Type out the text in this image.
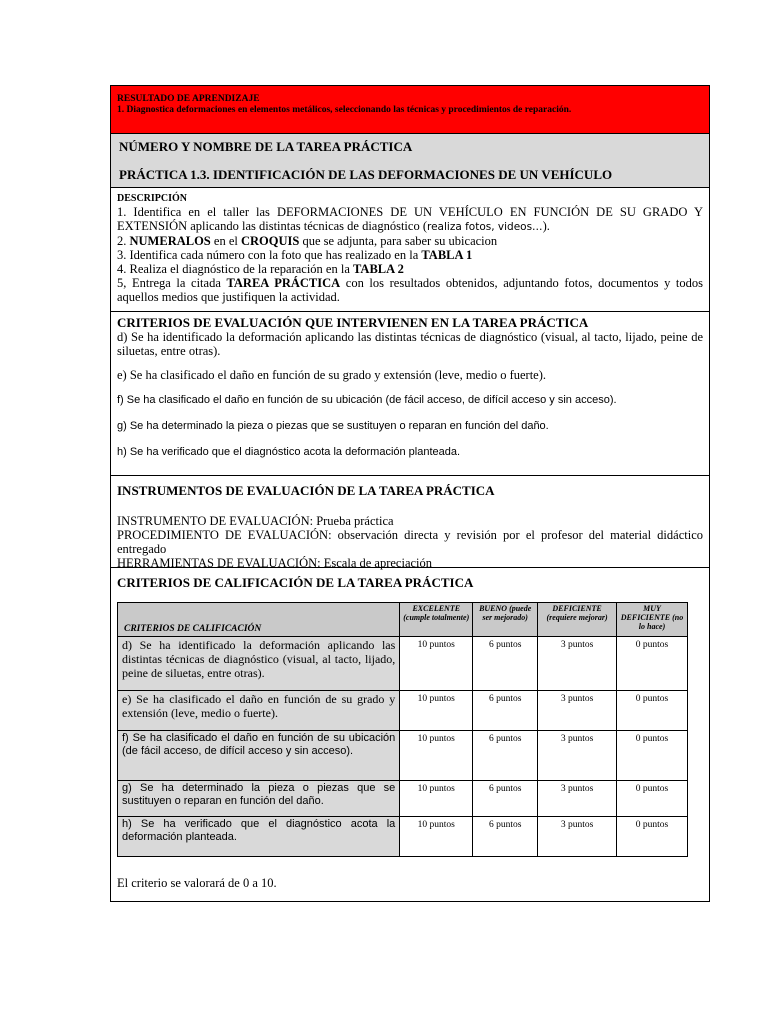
RESULTADO DE APRENDIZAJE
1. Diagnostica deformaciones en elementos metálicos, seleccionando las técnicas y procedimientos de reparación.
NÚMERO Y NOMBRE DE LA TAREA PRÁCTICA
PRÁCTICA 1.3. IDENTIFICACIÓN DE LAS DEFORMACIONES DE UN VEHÍCULO
DESCRIPCIÓN
1. Identifica en el taller las DEFORMACIONES DE UN VEHÍCULO EN FUNCIÓN DE SU GRADO Y EXTENSIÓN aplicando las distintas técnicas de diagnóstico (realiza fotos, videos…).
2. NUMERALOS en el CROQUIS que se adjunta, para saber su ubicacion
3. Identifica cada número con la foto que has realizado en la TABLA 1
4. Realiza el diagnóstico de la reparación en la TABLA 2
5, Entrega la citada TAREA PRÁCTICA con los resultados obtenidos, adjuntando fotos, documentos y todos aquellos medios que justifiquen la actividad.
CRITERIOS DE EVALUACIÓN QUE INTERVIENEN EN LA TAREA PRÁCTICA
d) Se ha identificado la deformación aplicando las distintas técnicas de diagnóstico (visual, al tacto, lijado, peine de siluetas, entre otras).
e) Se ha clasificado el daño en función de su grado y extensión (leve, medio o fuerte).
f) Se ha clasificado el daño en función de su ubicación (de fácil acceso, de difícil acceso y sin acceso).
g) Se ha determinado la pieza o piezas que se sustituyen o reparan en función del daño.
h) Se ha verificado que el diagnóstico acota la deformación planteada.
INSTRUMENTOS DE EVALUACIÓN DE LA TAREA PRÁCTICA
INSTRUMENTO DE EVALUACIÓN: Prueba práctica
PROCEDIMIENTO DE EVALUACIÓN: observación directa y revisión por el profesor del material didáctico entregado
HERRAMIENTAS DE EVALUACIÓN: Escala de apreciación
CRITERIOS DE CALIFICACIÓN DE LA TAREA PRÁCTICA
CRITERIOS DE CALIFICACIÓN	EXCELENTE (cumple totalmente)	BUENO (puede ser mejorado)	DEFICIENTE (requiere mejorar)	MUY DEFICIENTE (no lo hace)
d) Se ha identificado la deformación aplicando las distintas técnicas de diagnóstico (visual, al tacto, lijado, peine de siluetas, entre otras).	10 puntos	6 puntos	3 puntos	0 puntos
e) Se ha clasificado el daño en función de su grado y extensión (leve, medio o fuerte).	10 puntos	6 puntos	3 puntos	0 puntos
f) Se ha clasificado el daño en función de su ubicación (de fácil acceso, de difícil acceso y sin acceso).	10 puntos	6 puntos	3 puntos	0 puntos
g) Se ha determinado la pieza o piezas que se sustituyen o reparan en función del daño.	10 puntos	6 puntos	3 puntos	0 puntos
h) Se ha verificado que el diagnóstico acota la deformación planteada.	10 puntos	6 puntos	3 puntos	0 puntos
El criterio se valorará de 0 a 10.
